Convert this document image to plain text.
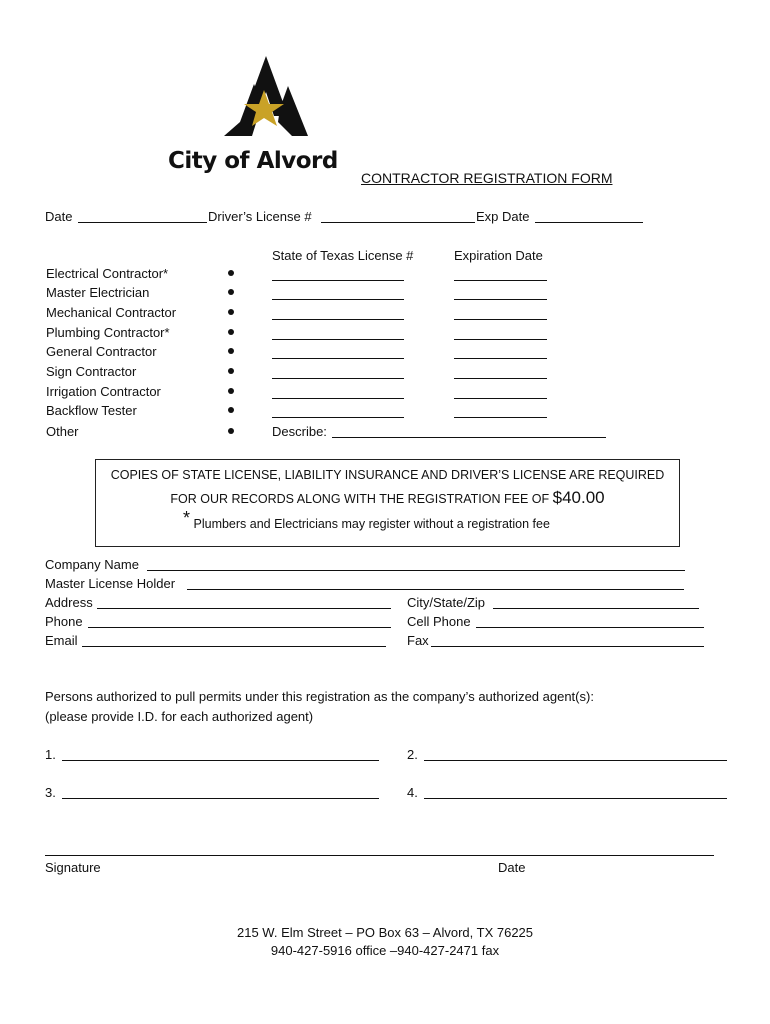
City of Alvord
CONTRACTOR REGISTRATION FORM
Date	Driver’s License #	Exp Date
State of Texas License #	Expiration Date
Electrical Contractor*
Master Electrician
Mechanical Contractor
Plumbing Contractor*
General Contractor
Sign Contractor
Irrigation Contractor
Backflow Tester
Other	Describe:
COPIES OF STATE LICENSE, LIABILITY INSURANCE AND DRIVER’S LICENSE ARE REQUIRED
FOR OUR RECORDS ALONG WITH THE REGISTRATION FEE OF $40.00
* Plumbers and Electricians may register without a registration fee
Company Name
Master License Holder
Address	City/State/Zip
Phone	Cell Phone
Email	Fax
Persons authorized to pull permits under this registration as the company’s authorized agent(s):
(please provide I.D. for each authorized agent)
1.	2.
3.	4.
Signature	Date
215 W. Elm Street – PO Box 63 – Alvord, TX 76225
940-427-5916 office –940-427-2471 fax
